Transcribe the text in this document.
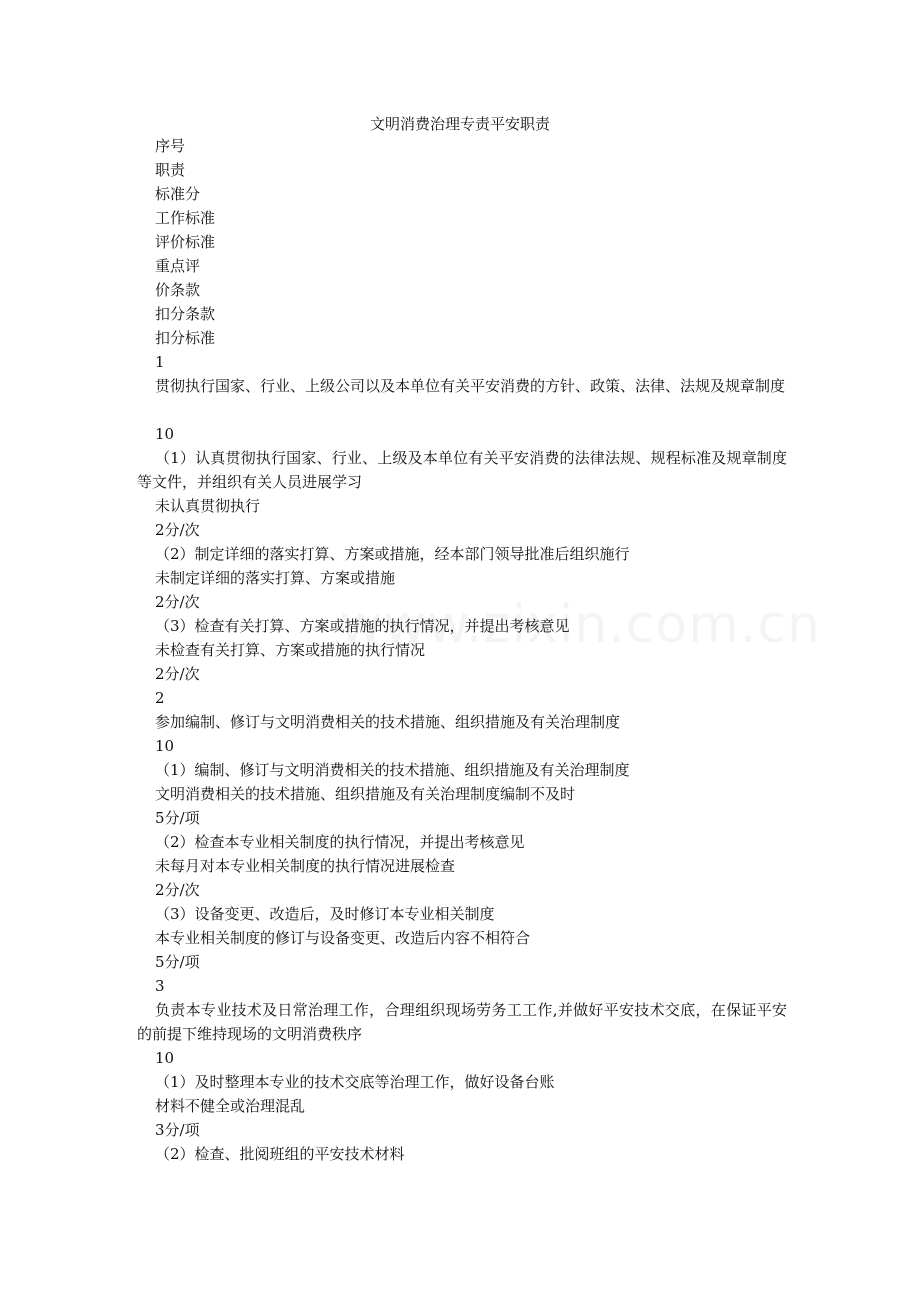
文明消费治理专责平安职责
序号
职责
标准分
工作标准
评价标准
重点评
价条款
扣分条款
扣分标准
1
贯彻执行国家、行业、上级公司以及本单位有关平安消费的方针、政策、法律、法规及规章制度
10
（1）认真贯彻执行国家、行业、上级及本单位有关平安消费的法律法规、规程标准及规章制度等文件，并组织有关人员进展学习
未认真贯彻执行
2分/次
（2）制定详细的落实打算、方案或措施，经本部门领导批准后组织施行
未制定详细的落实打算、方案或措施
2分/次
（3）检查有关打算、方案或措施的执行情况，并提出考核意见
未检查有关打算、方案或措施的执行情况
2分/次
2
参加编制、修订与文明消费相关的技术措施、组织措施及有关治理制度
10
（1）编制、修订与文明消费相关的技术措施、组织措施及有关治理制度
文明消费相关的技术措施、组织措施及有关治理制度编制不及时
5分/项
（2）检查本专业相关制度的执行情况，并提出考核意见
未每月对本专业相关制度的执行情况进展检查
2分/次
（3）设备变更、改造后，及时修订本专业相关制度
本专业相关制度的修订与设备变更、改造后内容不相符合
5分/项
3
负责本专业技术及日常治理工作，合理组织现场劳务工工作,并做好平安技术交底，在保证平安的前提下维持现场的文明消费秩序
10
（1）及时整理本专业的技术交底等治理工作，做好设备台账
材料不健全或治理混乱
3分/项
（2）检查、批阅班组的平安技术材料
